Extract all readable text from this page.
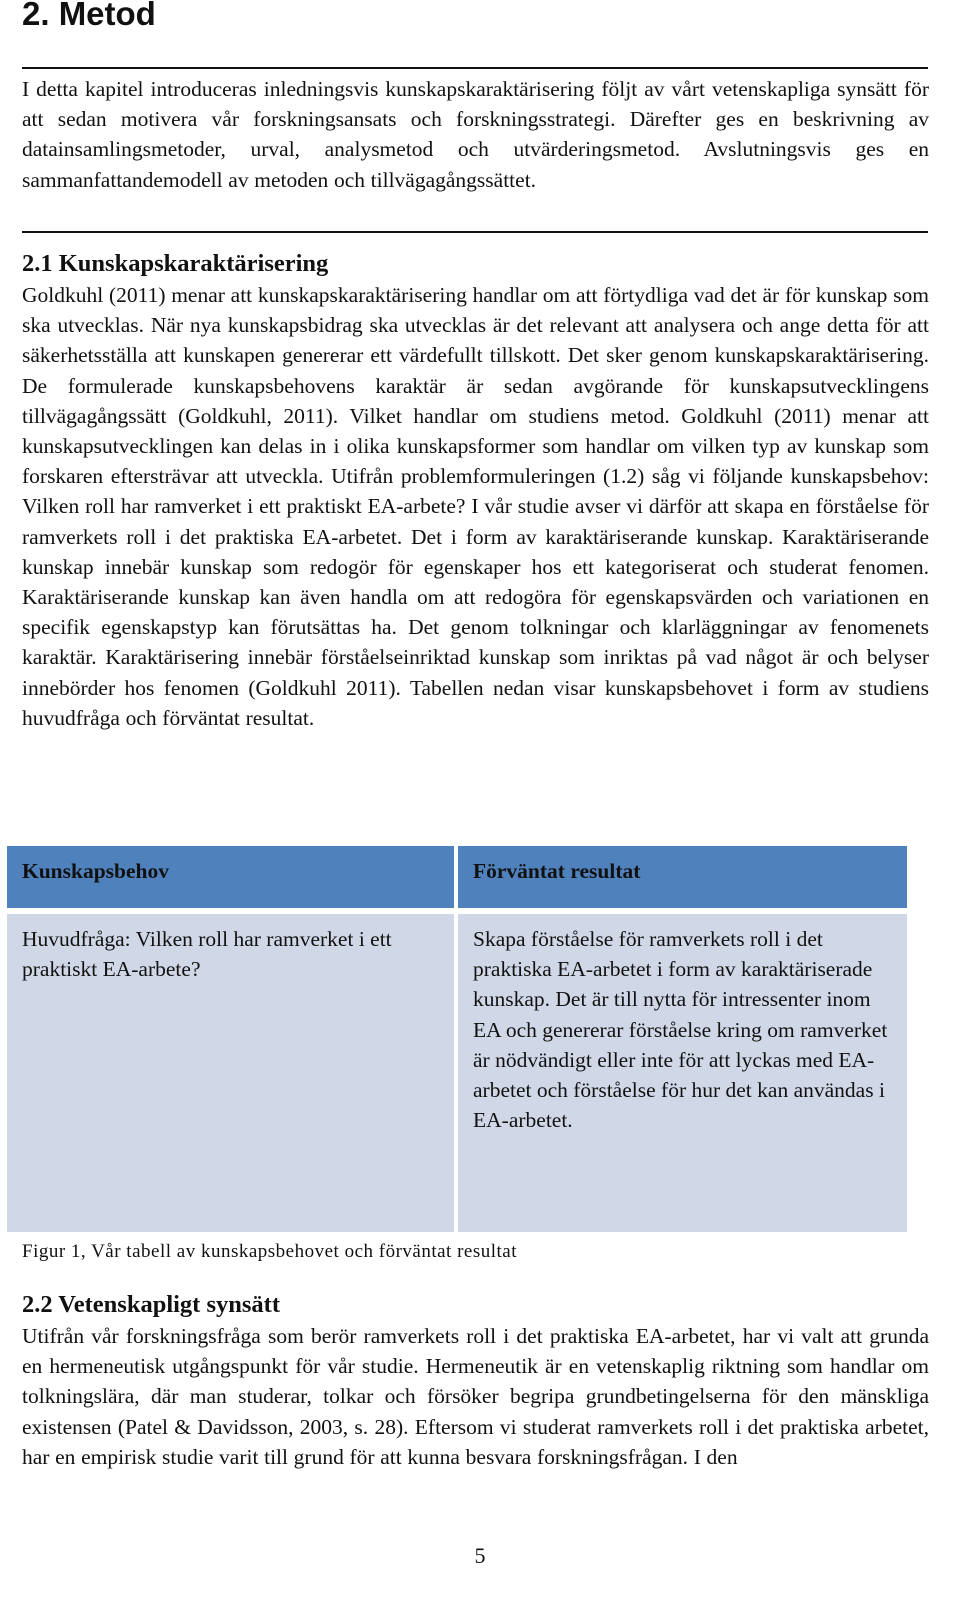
2. Metod

I detta kapitel introduceras inledningsvis kunskapskaraktärisering följt av vårt vetenskapliga synsätt för att sedan motivera vår forskningsansats och forskningsstrategi. Därefter ges en beskrivning av datainsamlingsmetoder, urval, analysmetod och utvärderingsmetod. Avslutningsvis ges en sammanfattandemodell av metoden och tillvägagångssättet.

2.1 Kunskapskaraktärisering

Goldkuhl (2011) menar att kunskapskaraktärisering handlar om att förtydliga vad det är för kunskap som ska utvecklas. När nya kunskapsbidrag ska utvecklas är det relevant att analysera och ange detta för att säkerhetsställa att kunskapen genererar ett värdefullt tillskott. Det sker genom kunskapskaraktärisering. De formulerade kunskapsbehovens karaktär är sedan avgörande för kunskapsutvecklingens tillvägagångssätt (Goldkuhl, 2011). Vilket handlar om studiens metod. Goldkuhl (2011) menar att kunskapsutvecklingen kan delas in i olika kunskapsformer som handlar om vilken typ av kunskap som forskaren eftersträvar att utveckla. Utifrån problemformuleringen (1.2) såg vi följande kunskapsbehov: Vilken roll har ramverket i ett praktiskt EA-arbete? I vår studie avser vi därför att skapa en förståelse för ramverkets roll i det praktiska EA-arbetet. Det i form av karaktäriserande kunskap. Karaktäriserande kunskap innebär kunskap som redogör för egenskaper hos ett kategoriserat och studerat fenomen. Karaktäriserande kunskap kan även handla om att redogöra för egenskapsvärden och variationen en specifik egenskapstyp kan förutsättas ha. Det genom tolkningar och klarläggningar av fenomenets karaktär. Karaktärisering innebär förståelseinriktad kunskap som inriktas på vad något är och belyser innebörder hos fenomen (Goldkuhl 2011). Tabellen nedan visar kunskapsbehovet i form av studiens huvudfråga och förväntat resultat.

Kunskapsbehov	Förväntat resultat
Huvudfråga: Vilken roll har ramverket i ett praktiskt EA-arbete?
Skapa förståelse för ramverkets roll i det praktiska EA-arbetet i form av karaktäriserade kunskap. Det är till nytta för intressenter inom EA och genererar förståelse kring om ramverket är nödvändigt eller inte för att lyckas med EA-arbetet och förståelse för hur det kan användas i EA-arbetet.

Figur 1, Vår tabell av kunskapsbehovet och förväntat resultat

2.2 Vetenskapligt synsätt

Utifrån vår forskningsfråga som berör ramverkets roll i det praktiska EA-arbetet, har vi valt att grunda en hermeneutisk utgångspunkt för vår studie. Hermeneutik är en vetenskaplig riktning som handlar om tolkningslära, där man studerar, tolkar och försöker begripa grundbetingelserna för den mänskliga existensen (Patel & Davidsson, 2003, s. 28). Eftersom vi studerat ramverkets roll i det praktiska arbetet, har en empirisk studie varit till grund för att kunna besvara forskningsfrågan. I den

5
